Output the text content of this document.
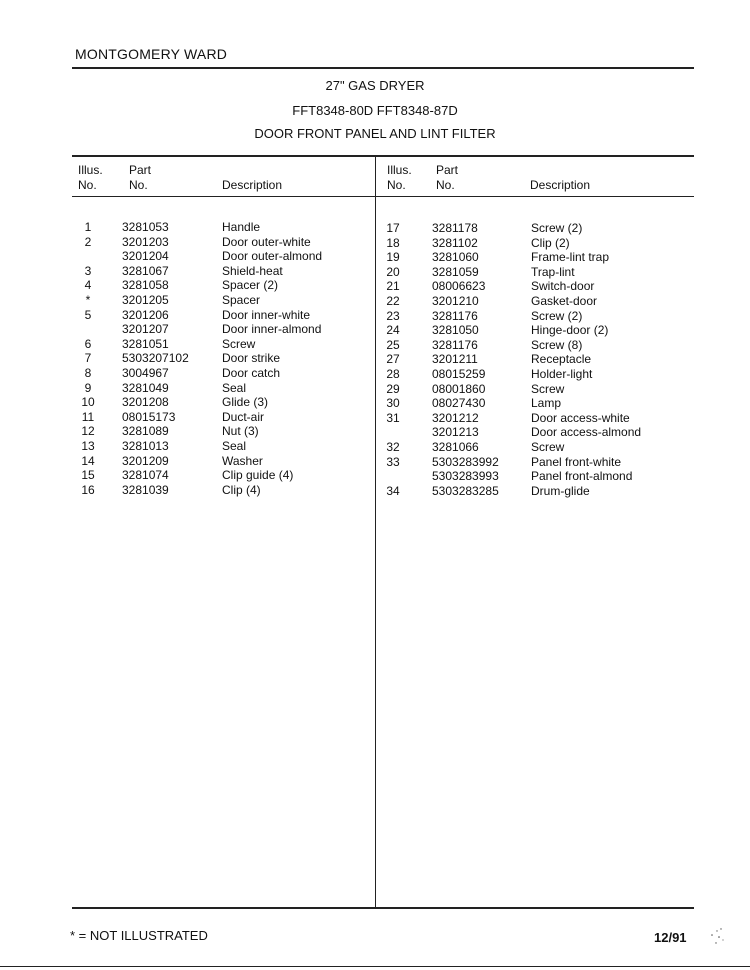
MONTGOMERY WARD
27" GAS DRYER
FFT8348-80D FFT8348-87D
DOOR FRONT PANEL AND LINT FILTER
Illus.
No.
Part
No.	Description
Illus.
No.
Part
No.	Description
1	3281053	Handle
2	3201203	Door outer-white
3201204	Door outer-almond
3	3281067	Shield-heat
4	3281058	Spacer (2)
*	3201205	Spacer
5	3201206	Door inner-white
3201207	Door inner-almond
6	3281051	Screw
7	5303207102	Door strike
8	3004967	Door catch
9	3281049	Seal
10	3201208	Glide (3)
11	08015173	Duct-air
12	3281089	Nut (3)
13	3281013	Seal
14	3201209	Washer
15	3281074	Clip guide (4)
16	3281039	Clip (4)
17	3281178	Screw (2)
18	3281102	Clip (2)
19	3281060	Frame-lint trap
20	3281059	Trap-lint
21	08006623	Switch-door
22	3201210	Gasket-door
23	3281176	Screw (2)
24	3281050	Hinge-door (2)
25	3281176	Screw (8)
27	3201211	Receptacle
28	08015259	Holder-light
29	08001860	Screw
30	08027430	Lamp
31	3201212	Door access-white
3201213	Door access-almond
32	3281066	Screw
33	5303283992	Panel front-white
5303283993	Panel front-almond
34	5303283285	Drum-glide
* = NOT ILLUSTRATED	12/91
